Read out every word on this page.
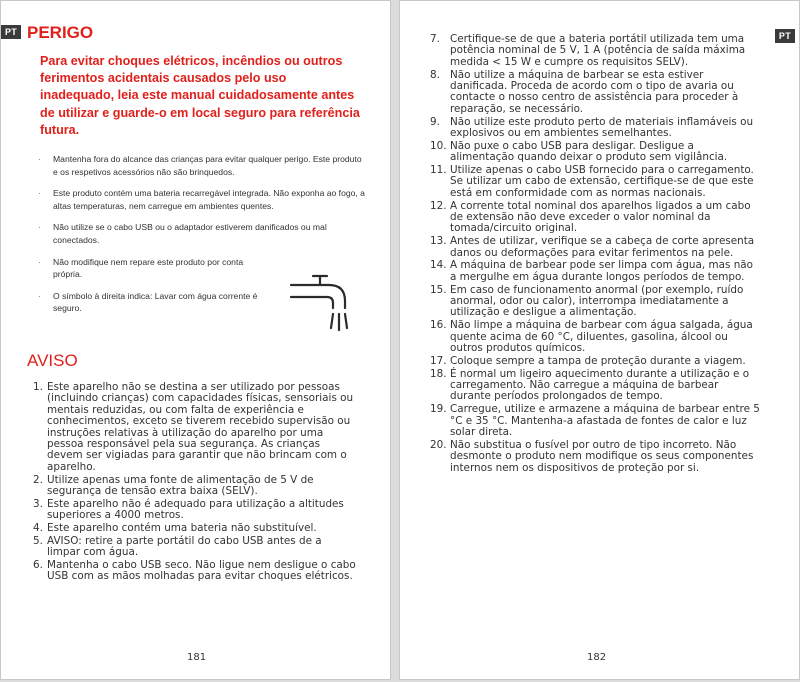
PT PERIGO

Para evitar choques elétricos, incêndios ou outros ferimentos acidentais causados pelo uso inadequado, leia este manual cuidadosamente antes de utilizar e guarde-o em local seguro para referência futura.

· Mantenha fora do alcance das crianças para evitar qualquer perigo. Este produto e os respetivos acessórios não são brinquedos.
· Este produto contém uma bateria recarregável integrada. Não exponha ao fogo, a altas temperaturas, nem carregue em ambientes quentes.
· Não utilize se o cabo USB ou o adaptador estiverem danificados ou mal conectados.
· Não modifique nem repare este produto por conta própria.
· O símbolo à direita indica: Lavar com água corrente é seguro.
AVISO
1. Este aparelho não se destina a ser utilizado por pessoas (incluindo crianças) com capacidades físicas, sensoriais ou mentais reduzidas, ou com falta de experiência e conhecimentos, exceto se tiverem recebido supervisão ou instruções relativas à utilização do aparelho por uma pessoa responsável pela sua segurança. As crianças devem ser vigiadas para garantir que não brincam com o aparelho.
2. Utilize apenas uma fonte de alimentação de 5 V de segurança de tensão extra baixa (SELV).
3. Este aparelho não é adequado para utilização a altitudes superiores a 4000 metros.
4. Este aparelho contém uma bateria não substituível.
5. AVISO: retire a parte portátil do cabo USB antes de a limpar com água.
6. Mantenha o cabo USB seco. Não ligue nem desligue o cabo USB com as mãos molhadas para evitar choques elétricos.
181
PT
182
7. Certifique-se de que a bateria portátil utilizada tem uma potência nominal de 5 V, 1 A (potência de saída máxima medida < 15 W e cumpre os requisitos SELV).
8. Não utilize a máquina de barbear se esta estiver danificada. Proceda de acordo com o tipo de avaria ou contacte o nosso centro de assistência para proceder à reparação, se necessário.
9. Não utilize este produto perto de materiais inflamáveis ou explosivos ou em ambientes semelhantes.
10. Não puxe o cabo USB para desligar. Desligue a alimentação quando deixar o produto sem vigilância.
11. Utilize apenas o cabo USB fornecido para o carregamento. Se utilizar um cabo de extensão, certifique-se de que este está em conformidade com as normas nacionais.
12. A corrente total nominal dos aparelhos ligados a um cabo de extensão não deve exceder o valor nominal da tomada/circuito original.
13. Antes de utilizar, verifique se a cabeça de corte apresenta danos ou deformações para evitar ferimentos na pele.
14. A máquina de barbear pode ser limpa com água, mas não a mergulhe em água durante longos períodos de tempo.
15. Em caso de funcionamento anormal (por exemplo, ruído anormal, odor ou calor), interrompa imediatamente a utilização e desligue a alimentação.
16. Não limpe a máquina de barbear com água salgada, água quente acima de 60 °C, diluentes, gasolina, álcool ou outros produtos químicos.
17. Coloque sempre a tampa de proteção durante a viagem.
18. É normal um ligeiro aquecimento durante a utilização e o carregamento. Não carregue a máquina de barbear durante períodos prolongados de tempo.
19. Carregue, utilize e armazene a máquina de barbear entre 5 °C e 35 °C. Mantenha-a afastada de fontes de calor e luz solar direta.
20. Não substitua o fusível por outro de tipo incorreto. Não desmonte o produto nem modifique os seus componentes internos nem os dispositivos de proteção por si.
